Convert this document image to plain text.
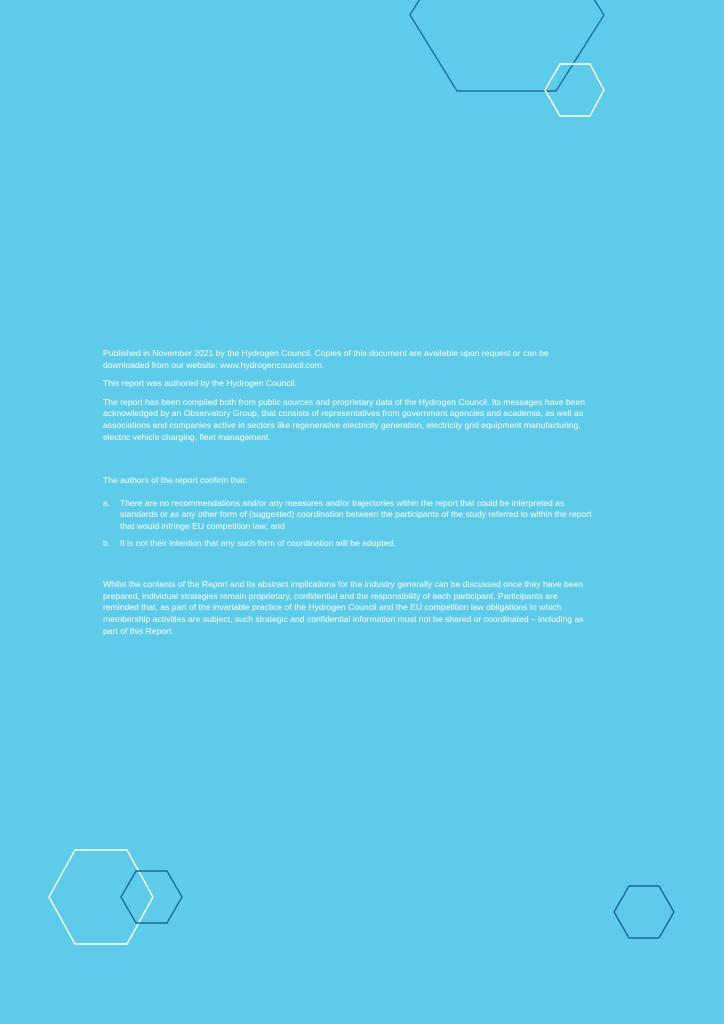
Published in November 2021 by the Hydrogen Council. Copies of this document are available upon request or can be downloaded from our website: www.hydrogencouncil.com.

This report was authored by the Hydrogen Council.

The report has been compiled both from public sources and proprietary data of the Hydrogen Council. Its messages have been acknowledged by an Observatory Group, that consists of representatives from government agencies and academia, as well as associations and companies active in sectors like regenerative electricity generation, electricity grid equipment manufacturing, electric vehicle charging, fleet management.

The authors of the report confirm that:

a. There are no recommendations and/or any measures and/or trajectories within the report that could be interpreted as standards or as any other form of (suggested) coordination between the participants of the study referred to within the report that would infringe EU competition law; and
b. It is not their intention that any such form of coordination will be adopted.

Whilst the contents of the Report and its abstract implications for the industry generally can be discussed once they have been prepared, individual strategies remain proprietary, confidential and the responsibility of each participant. Participants are reminded that, as part of the invariable practice of the Hydrogen Council and the EU competition law obligations to which membership activities are subject, such strategic and confidential information must not be shared or coordinated – including as part of this Report.
